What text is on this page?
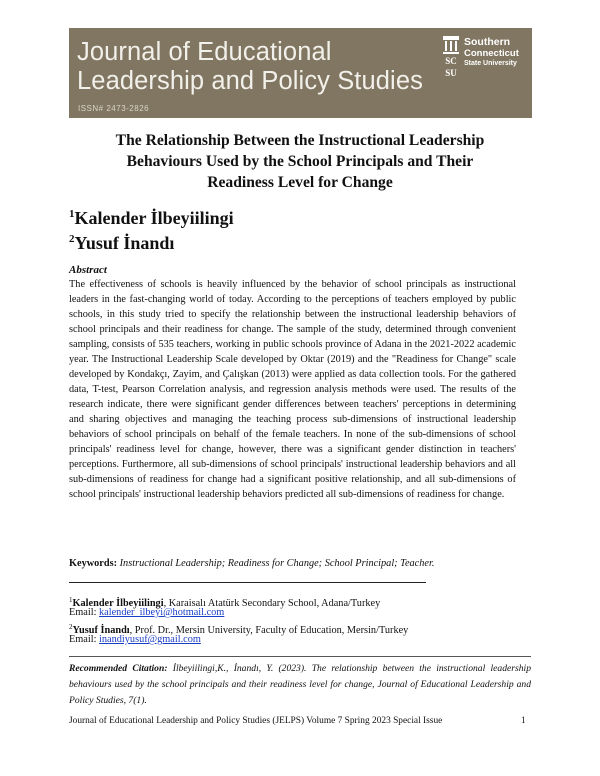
Journal of Educational
Leadership and Policy Studies
ISSN# 2473-2826
SC
SU
Southern
Connecticut
State University
The Relationship Between the Instructional Leadership Behaviours Used by the School Principals and Their Readiness Level for Change
$^1$Kalender İlbeyiilingi
$^2$Yusuf İnandı
Abstract
The effectiveness of schools is heavily influenced by the behavior of school principals as instructional leaders in the fast-changing world of today. According to the perceptions of teachers employed by public schools, in this study tried to specify the relationship between the instructional leadership behaviors of school principals and their readiness for change. The sample of the study, determined through convenient sampling, consists of 535 teachers, working in public schools province of Adana in the 2021-2022 academic year. The Instructional Leadership Scale developed by Oktar (2019) and the "Readiness for Change" scale developed by Kondakçı, Zayim, and Çalışkan (2013) were applied as data collection tools. For the gathered data, T-test, Pearson Correlation analysis, and regression analysis methods were used. The results of the research indicate, there were significant gender differences between teachers' perceptions in determining and sharing objectives and managing the teaching process sub-dimensions of instructional leadership behaviors of school principals on behalf of the female teachers. In none of the sub-dimensions of school principals' readiness level for change, however, there was a significant gender distinction in teachers' perceptions. Furthermore, all sub-dimensions of school principals' instructional leadership behaviors and all sub-dimensions of readiness for change had a significant positive relationship, and all sub-dimensions of school principals' instructional leadership behaviors predicted all sub-dimensions of readiness for change.
Keywords: Instructional Leadership; Readiness for Change; School Principal; Teacher.
$^1$Kalender İlbeyiilingi, Karaisalı Atatürk Secondary School, Adana/Turkey
Email: kalender_ilbeyi@hotmail.com
$^2$Yusuf İnandı, Prof. Dr., Mersin University, Faculty of Education, Mersin/Turkey
Email: inandiyusuf@gmail.com
Recommended Citation: İlbeyiilingi,K., İnandı, Y. (2023). The relationship between the instructional leadership behaviours used by the school principals and their readiness level for change, Journal of Educational Leadership and Policy Studies, 7(1).
Journal of Educational Leadership and Policy Studies (JELPS) Volume 7 Spring 2023 Special Issue	1
